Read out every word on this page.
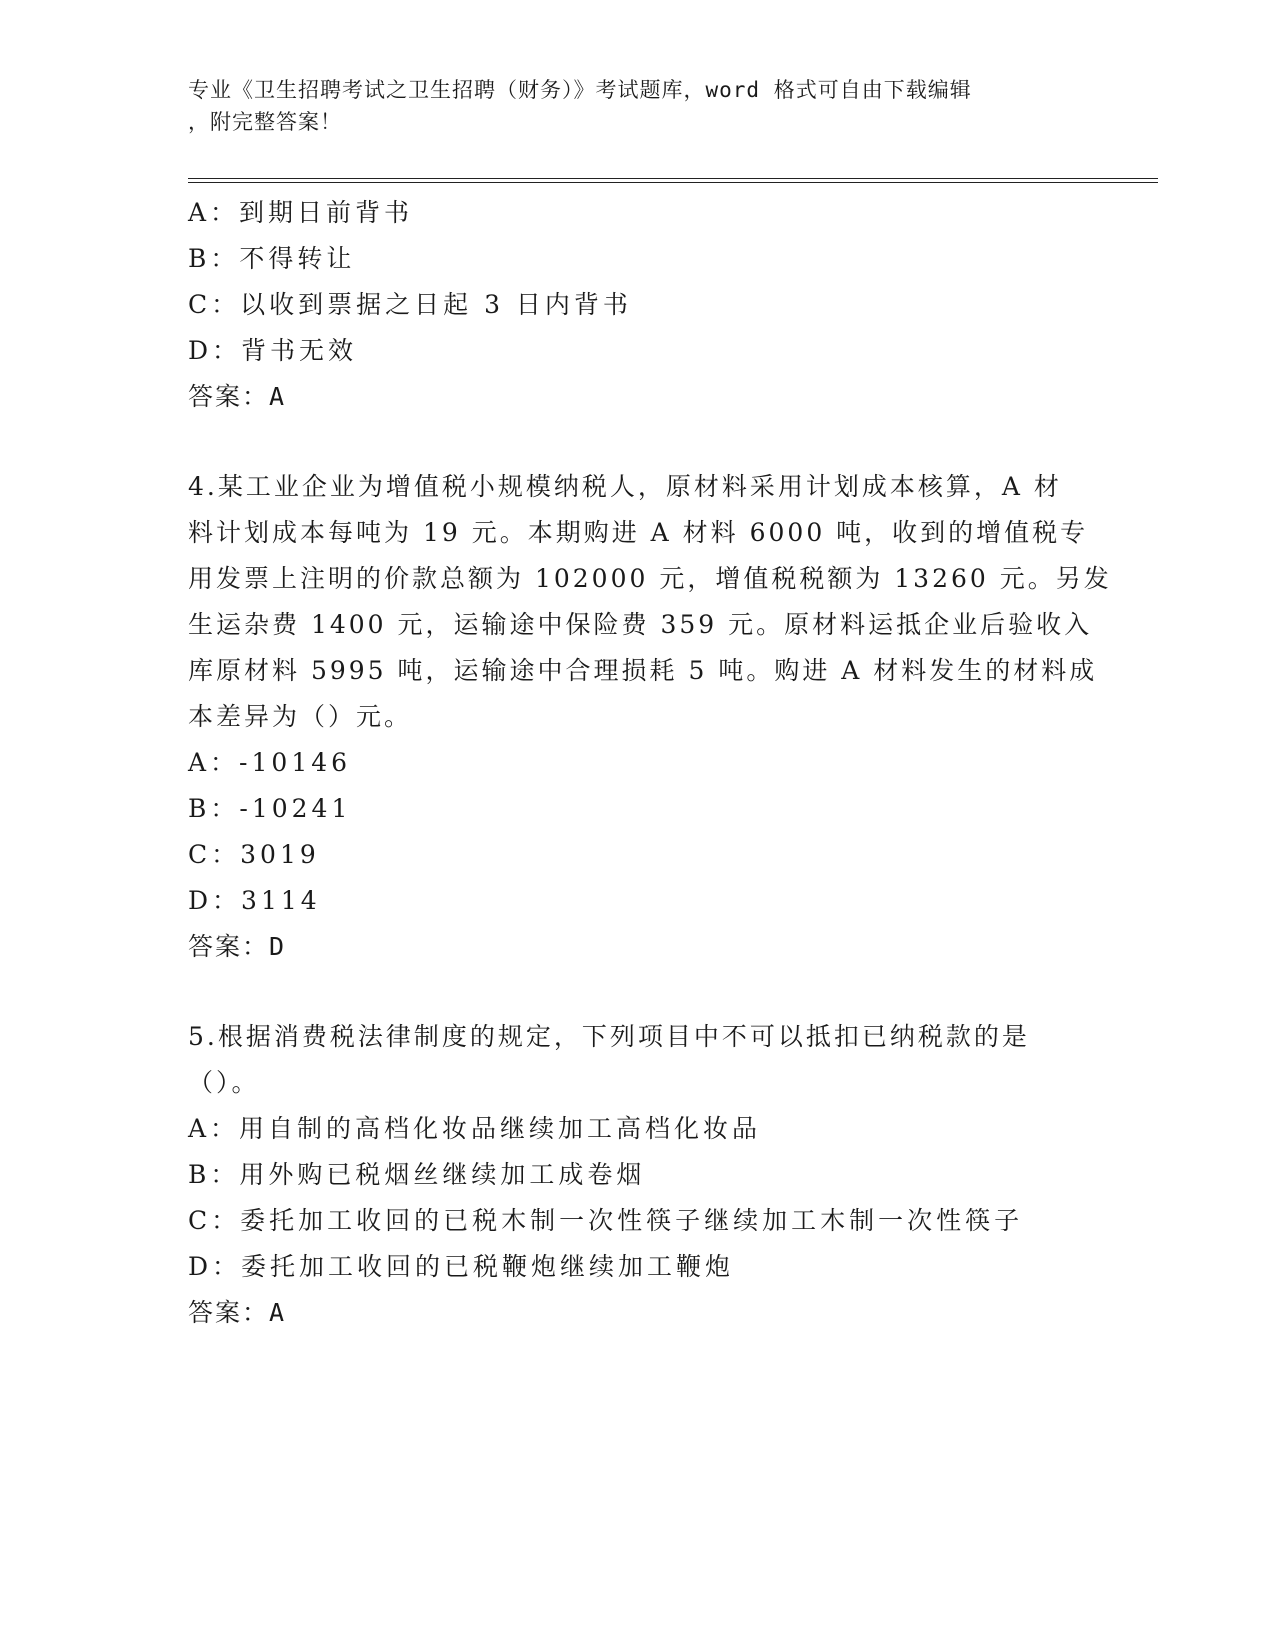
专业《卫生招聘考试之卫生招聘（财务）》考试题库，word 格式可自由下载编辑
，附完整答案！
A：到期日前背书
B：不得转让
C：以收到票据之日起 3 日内背书
D：背书无效
答案：A
4.某工业企业为增值税小规模纳税人，原材料采用计划成本核算，A 材
料计划成本每吨为 19 元。本期购进 A 材料 6000 吨，收到的增值税专
用发票上注明的价款总额为 102000 元，增值税税额为 13260 元。另发
生运杂费 1400 元，运输途中保险费 359 元。原材料运抵企业后验收入
库原材料 5995 吨，运输途中合理损耗 5 吨。购进 A 材料发生的材料成
本差异为（）元。
A：-10146
B：-10241
C：3019
D：3114
答案：D
5.根据消费税法律制度的规定，下列项目中不可以抵扣已纳税款的是
（）。
A：用自制的高档化妆品继续加工高档化妆品
B：用外购已税烟丝继续加工成卷烟
C：委托加工收回的已税木制一次性筷子继续加工木制一次性筷子
D：委托加工收回的已税鞭炮继续加工鞭炮
答案：A
